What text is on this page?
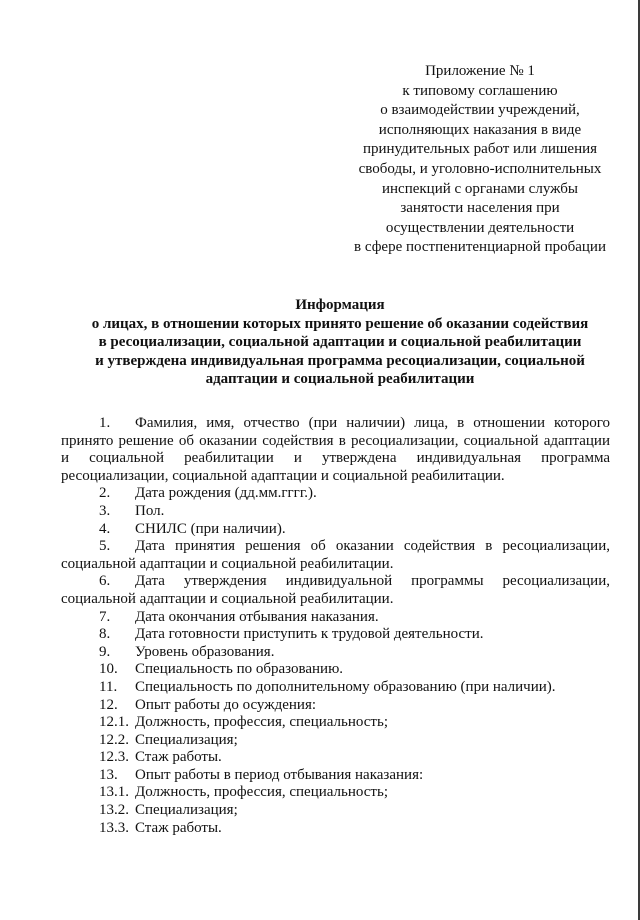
Приложение № 1
к типовому соглашению
о взаимодействии учреждений,
исполняющих наказания в виде
принудительных работ или лишения
свободы, и уголовно-исполнительных
инспекций с органами службы
занятости населения при
осуществлении деятельности
в сфере постпенитенциарной пробации
Информация
о лицах, в отношении которых принято решение об оказании содействия
в ресоциализации, социальной адаптации и социальной реабилитации
и утверждена индивидуальная программа ресоциализации, социальной
адаптации и социальной реабилитации

1. Фамилия, имя, отчество (при наличии) лица, в отношении которого принято решение об оказании содействия в ресоциализации, социальной адаптации и социальной реабилитации и утверждена индивидуальная программа ресоциализации, социальной адаптации и социальной реабилитации.

2. Дата рождения (дд.мм.гггг.).

3. Пол.

4. СНИЛС (при наличии).

5. Дата принятия решения об оказании содействия в ресоциализации, социальной адаптации и социальной реабилитации.

6. Дата утверждения индивидуальной программы ресоциализации, социальной адаптации и социальной реабилитации.

7. Дата окончания отбывания наказания.

8. Дата готовности приступить к трудовой деятельности.

9. Уровень образования.

10. Специальность по образованию.

11. Специальность по дополнительному образованию (при наличии).

12. Опыт работы до осуждения:

12.1. Должность, профессия, специальность;

12.2. Специализация;

12.3. Стаж работы.

13. Опыт работы в период отбывания наказания:

13.1. Должность, профессия, специальность;

13.2. Специализация;

13.3. Стаж работы.
